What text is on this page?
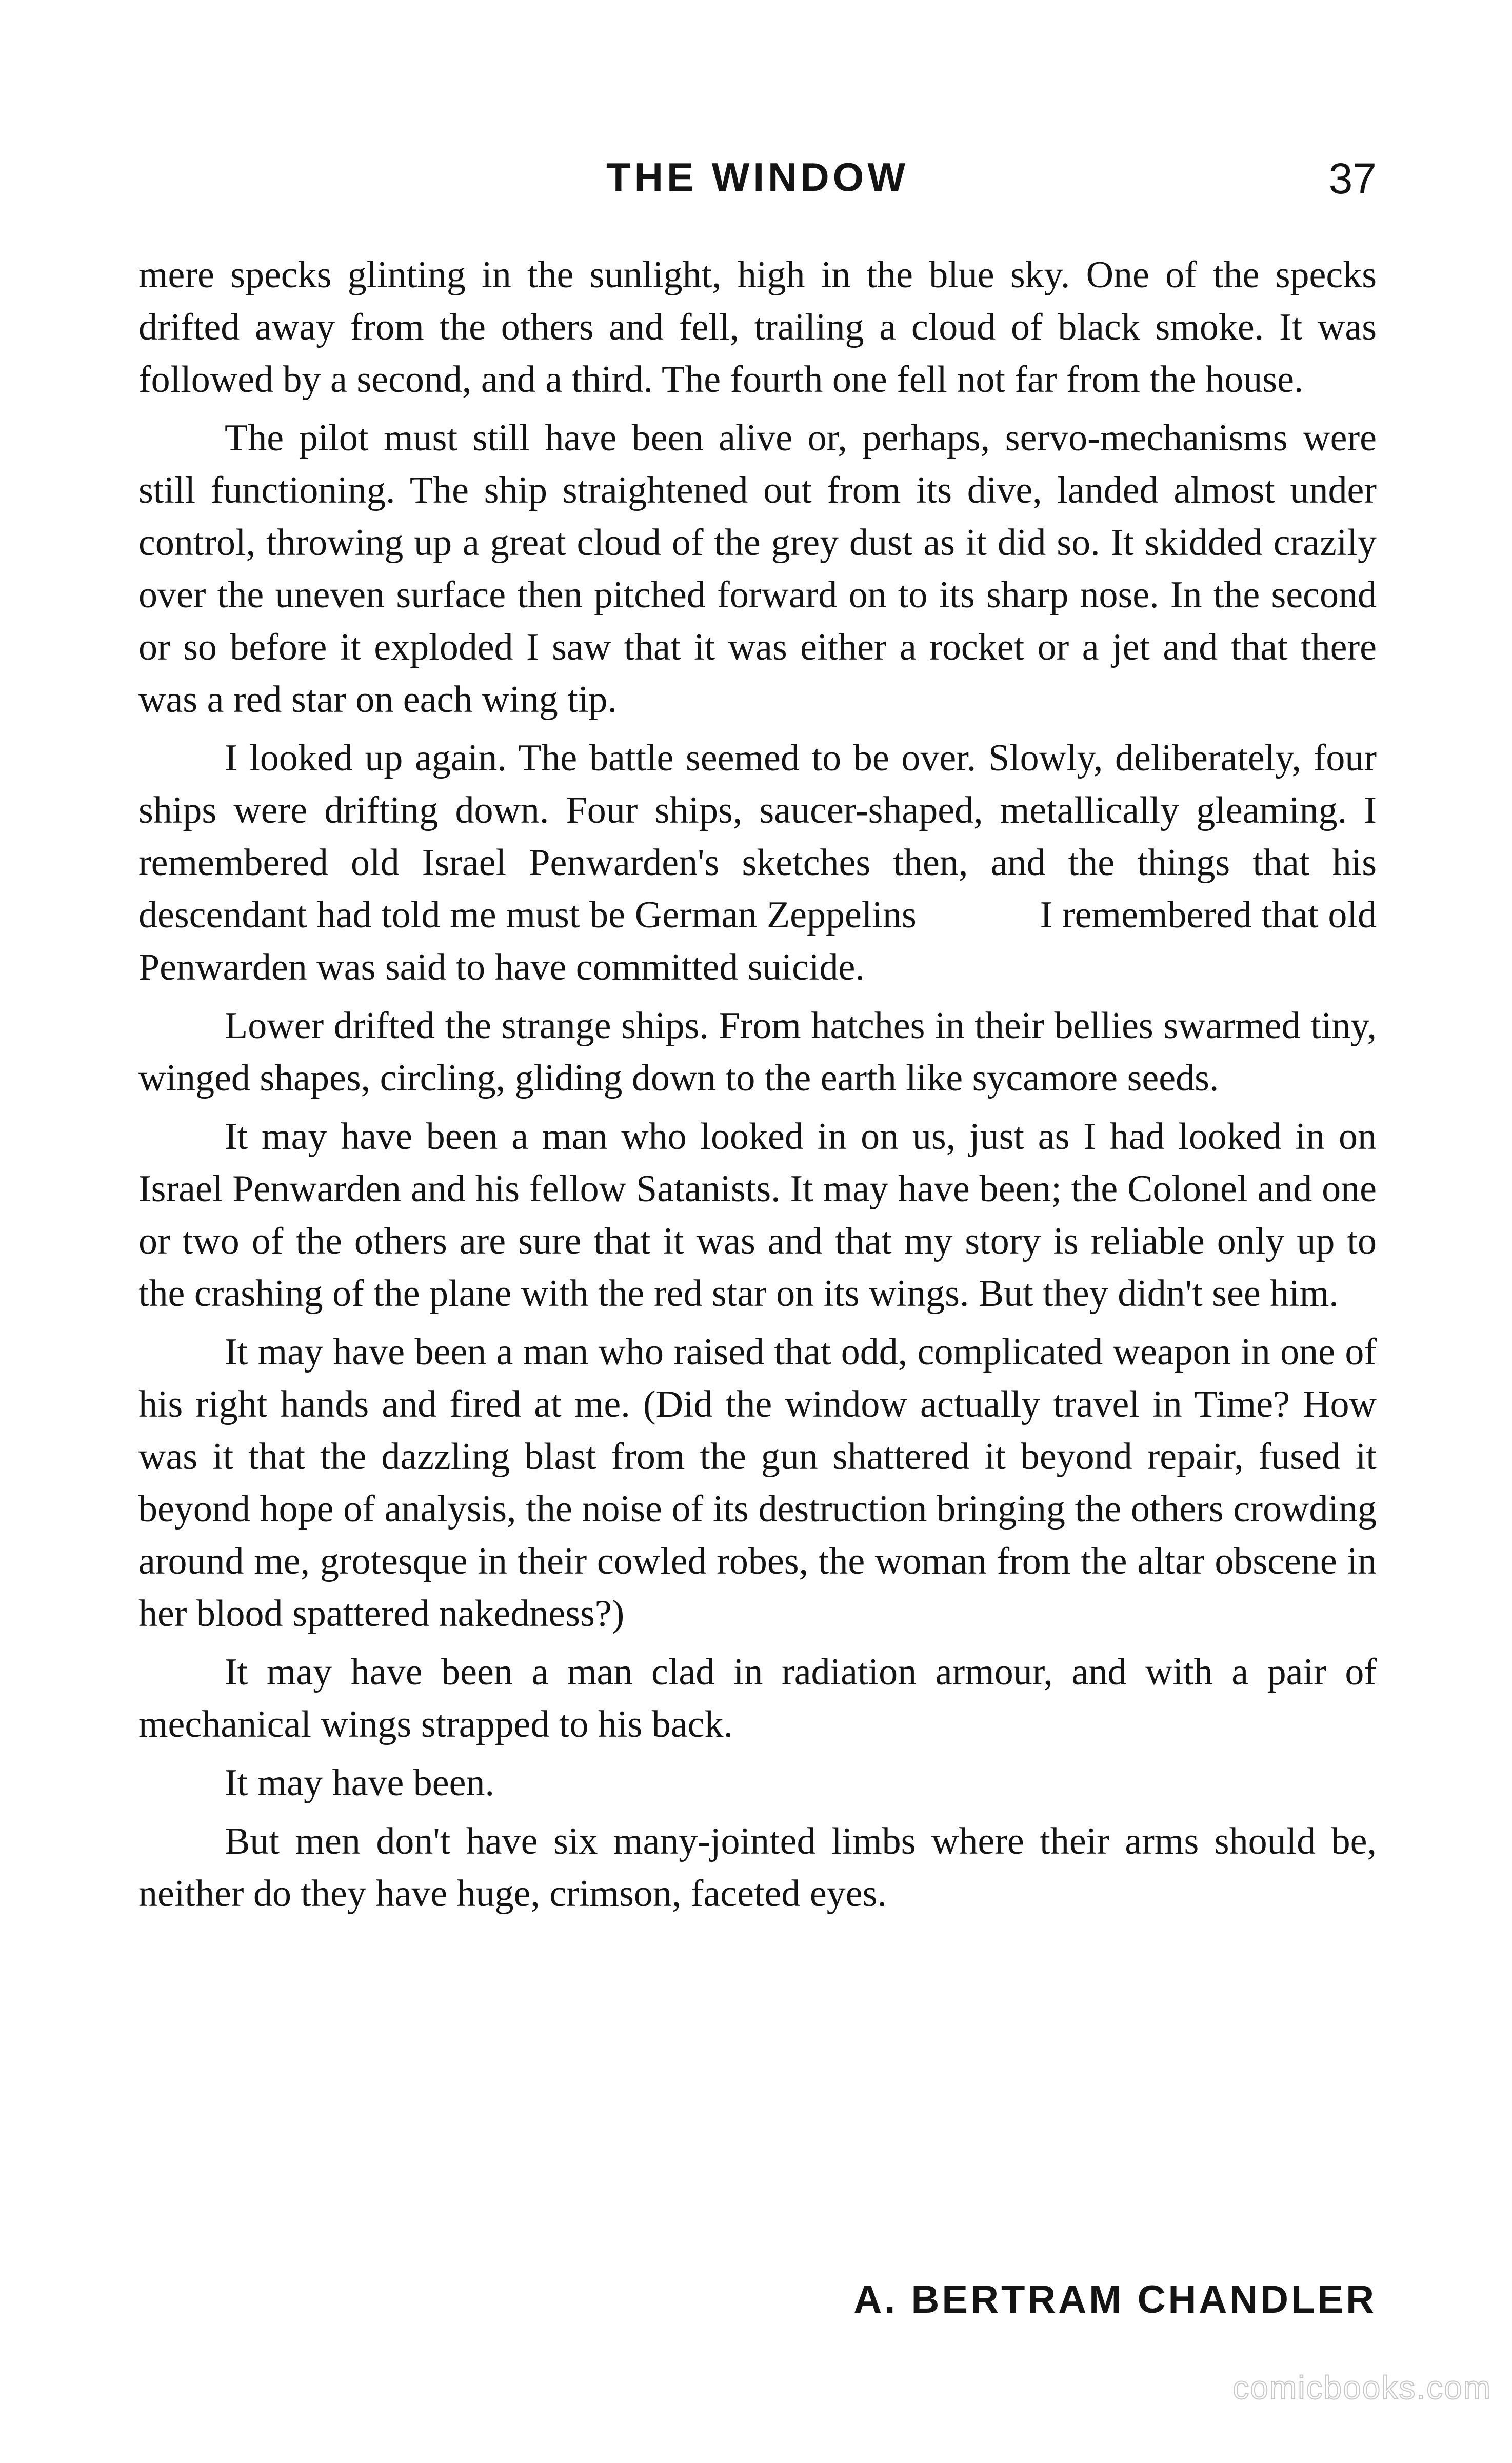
THE WINDOW	37

mere specks glinting in the sunlight, high in the blue sky. One of the specks drifted away from the others and fell, trailing a cloud of black smoke. It was followed by a second, and a third. The fourth one fell not far from the house.

The pilot must still have been alive or, perhaps, servo-mechanisms were still functioning. The ship straightened out from its dive, landed almost under control, throwing up a great cloud of the grey dust as it did so. It skidded crazily over the uneven surface then pitched forward on to its sharp nose. In the second or so before it exploded I saw that it was either a rocket or a jet and that there was a red star on each wing tip.

I looked up again. The battle seemed to be over. Slowly, deliberately, four ships were drifting down. Four ships, saucer-shaped, metallically gleaming. I remembered old Israel Penwarden's sketches then, and the things that his descendant had told me must be German Zeppelins    I remembered that old Penwarden was said to have committed suicide.

Lower drifted the strange ships. From hatches in their bellies swarmed tiny, winged shapes, circling, gliding down to the earth like sycamore seeds.

It may have been a man who looked in on us, just as I had looked in on Israel Penwarden and his fellow Satanists. It may have been; the Colonel and one or two of the others are sure that it was and that my story is reliable only up to the crashing of the plane with the red star on its wings. But they didn't see him.

It may have been a man who raised that odd, complicated weapon in one of his right hands and fired at me. (Did the window actually travel in Time? How was it that the dazzling blast from the gun shattered it beyond repair, fused it beyond hope of analysis, the noise of its destruction bringing the others crowding around me, grotesque in their cowled robes, the woman from the altar obscene in her blood spattered nakedness?)

It may have been a man clad in radiation armour, and with a pair of mechanical wings strapped to his back.

It may have been.

But men don't have six many-jointed limbs where their arms should be, neither do they have huge, crimson, faceted eyes.

A. BERTRAM CHANDLER
comicbooks.com
